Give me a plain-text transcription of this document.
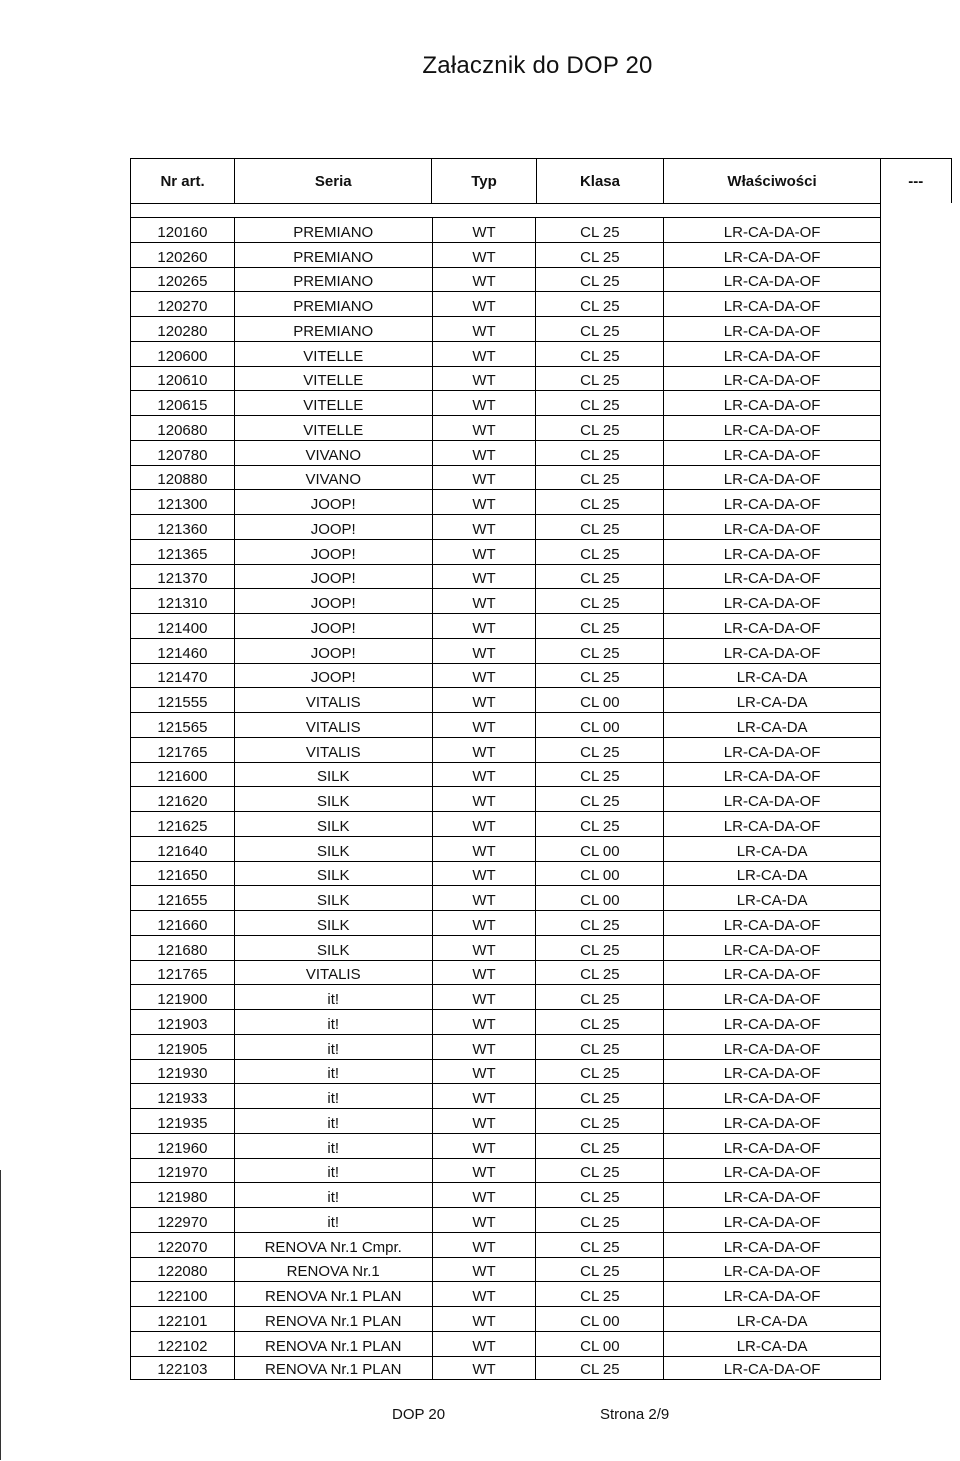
Załacznik do DOP 20
Nr art.	Seria	Typ	Klasa	Właściwości	---
120160	PREMIANO	WT	CL 25	LR-CA-DA-OF
120260	PREMIANO	WT	CL 25	LR-CA-DA-OF
120265	PREMIANO	WT	CL 25	LR-CA-DA-OF
120270	PREMIANO	WT	CL 25	LR-CA-DA-OF
120280	PREMIANO	WT	CL 25	LR-CA-DA-OF
120600	VITELLE	WT	CL 25	LR-CA-DA-OF
120610	VITELLE	WT	CL 25	LR-CA-DA-OF
120615	VITELLE	WT	CL 25	LR-CA-DA-OF
120680	VITELLE	WT	CL 25	LR-CA-DA-OF
120780	VIVANO	WT	CL 25	LR-CA-DA-OF
120880	VIVANO	WT	CL 25	LR-CA-DA-OF
121300	JOOP!	WT	CL 25	LR-CA-DA-OF
121360	JOOP!	WT	CL 25	LR-CA-DA-OF
121365	JOOP!	WT	CL 25	LR-CA-DA-OF
121370	JOOP!	WT	CL 25	LR-CA-DA-OF
121310	JOOP!	WT	CL 25	LR-CA-DA-OF
121400	JOOP!	WT	CL 25	LR-CA-DA-OF
121460	JOOP!	WT	CL 25	LR-CA-DA-OF
121470	JOOP!	WT	CL 25	LR-CA-DA
121555	VITALIS	WT	CL 00	LR-CA-DA
121565	VITALIS	WT	CL 00	LR-CA-DA
121765	VITALIS	WT	CL 25	LR-CA-DA-OF
121600	SILK	WT	CL 25	LR-CA-DA-OF
121620	SILK	WT	CL 25	LR-CA-DA-OF
121625	SILK	WT	CL 25	LR-CA-DA-OF
121640	SILK	WT	CL 00	LR-CA-DA
121650	SILK	WT	CL 00	LR-CA-DA
121655	SILK	WT	CL 00	LR-CA-DA
121660	SILK	WT	CL 25	LR-CA-DA-OF
121680	SILK	WT	CL 25	LR-CA-DA-OF
121765	VITALIS	WT	CL 25	LR-CA-DA-OF
121900	it!	WT	CL 25	LR-CA-DA-OF
121903	it!	WT	CL 25	LR-CA-DA-OF
121905	it!	WT	CL 25	LR-CA-DA-OF
121930	it!	WT	CL 25	LR-CA-DA-OF
121933	it!	WT	CL 25	LR-CA-DA-OF
121935	it!	WT	CL 25	LR-CA-DA-OF
121960	it!	WT	CL 25	LR-CA-DA-OF
121970	it!	WT	CL 25	LR-CA-DA-OF
121980	it!	WT	CL 25	LR-CA-DA-OF
122970	it!	WT	CL 25	LR-CA-DA-OF
122070	RENOVA Nr.1 Cmpr.	WT	CL 25	LR-CA-DA-OF
122080	RENOVA Nr.1	WT	CL 25	LR-CA-DA-OF
122100	RENOVA Nr.1 PLAN	WT	CL 25	LR-CA-DA-OF
122101	RENOVA Nr.1 PLAN	WT	CL 00	LR-CA-DA
122102	RENOVA Nr.1 PLAN	WT	CL 00	LR-CA-DA
122103	RENOVA Nr.1 PLAN	WT	CL 25	LR-CA-DA-OF
DOP 20	Strona 2/9
